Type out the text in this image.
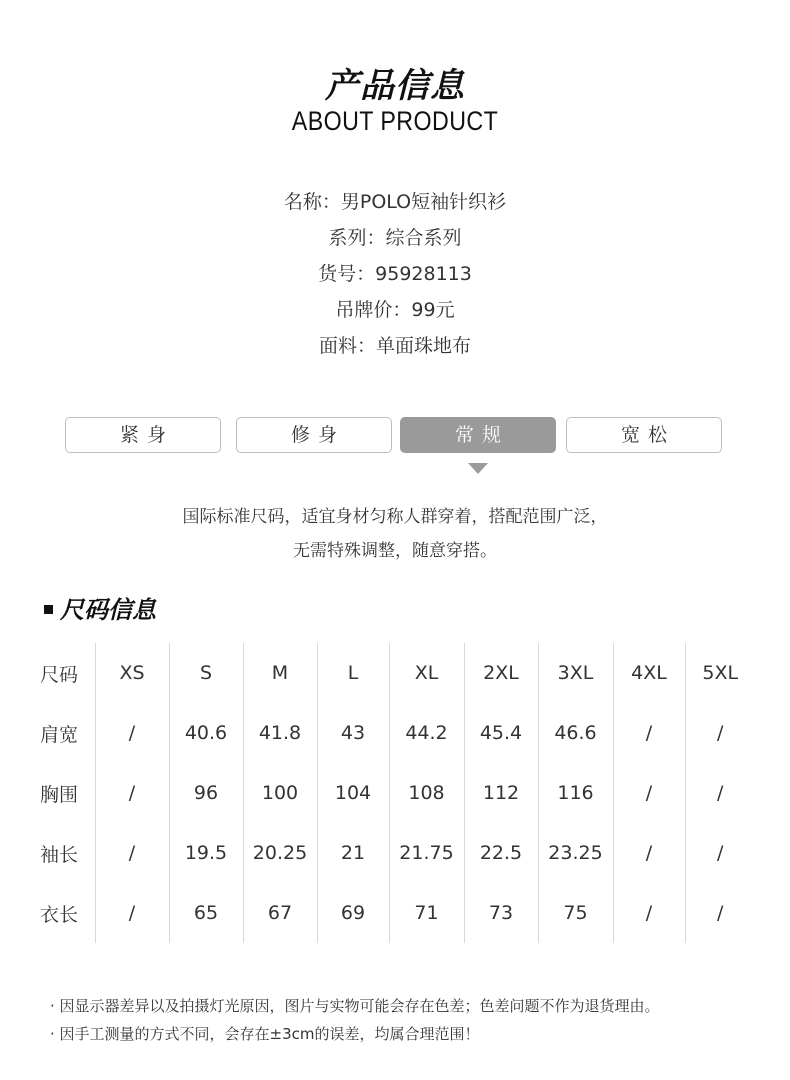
产品信息
ABOUT PRODUCT
名称：男POLO短袖针织衫
系列：综合系列
货号：95928113
吊牌价：99元
面料：单面珠地布
紧身	修身	常规	宽松
国际标准尺码，适宜身材匀称人群穿着，搭配范围广泛，
无需特殊调整，随意穿搭。
尺码信息
尺码	XS	S	M	L	XL	2XL	3XL	4XL	5XL
肩宽	/	40.6	41.8	43	44.2	45.4	46.6	/	/
胸围	/	96	100	104	108	112	116	/	/
袖长	/	19.5	20.25	21	21.75	22.5	23.25	/	/
衣长	/	65	67	69	71	73	75	/	/
· 因显示器差异以及拍摄灯光原因，图片与实物可能会存在色差；色差问题不作为退货理由。
· 因手工测量的方式不同，会存在±3cm的误差，均属合理范围！
